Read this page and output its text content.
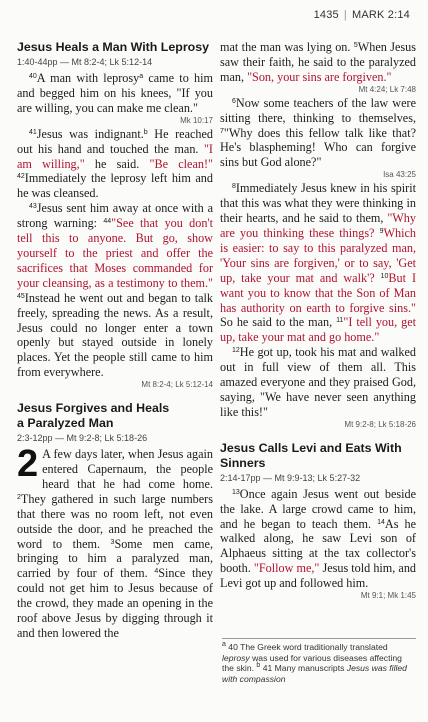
1435 | MARK 2:14
Jesus Heals a Man With Leprosy
1:40-44pp — Mt 8:2-4; Lk 5:12-14

$^{40}$A man with leprosy$^a$ came to him and begged him on his knees, "If you are willing, you can make me clean."

Mk 10:17

$^{41}$Jesus was indignant.$^b$ He reached out his hand and touched the man. "I am willing," he said. "Be clean!" $^{42}$Immediately the leprosy left him and he was cleansed.

$^{43}$Jesus sent him away at once with a strong warning: $^{44}$"See that you don't tell this to anyone. But go, show yourself to the priest and offer the sacrifices that Moses commanded for your cleansing, as a testimony to them." $^{45}$Instead he went out and began to talk freely, spreading the news. As a result, Jesus could no longer enter a town openly but stayed outside in lonely places. Yet the people still came to him from everywhere.

Mt 8:2-4; Lk 5:12-14
Jesus Forgives and Heals
a Paralyzed Man
2:3-12pp — Mt 9:2-8; Lk 5:18-26

2 A few days later, when Jesus again entered Capernaum, the people heard that he had come home. $^2$They gathered in such large numbers that there was no room left, not even outside the door, and he preached the word to them. $^3$Some men came, bringing to him a paralyzed man, carried by four of them. $^4$Since they could not get him to Jesus because of the crowd, they made an opening in the roof above Jesus by digging through it and then lowered the

mat the man was lying on. $^5$When Jesus saw their faith, he said to the paralyzed man, "Son, your sins are forgiven."

Mt 4:24; Lk 7:48

$^6$Now some teachers of the law were sitting there, thinking to themselves, $^7$"Why does this fellow talk like that? He's blaspheming! Who can forgive sins but God alone?"

Isa 43:25

$^8$Immediately Jesus knew in his spirit that this was what they were thinking in their hearts, and he said to them, "Why are you thinking these things? $^9$Which is easier: to say to this paralyzed man, 'Your sins are forgiven,' or to say, 'Get up, take your mat and walk'? $^{10}$But I want you to know that the Son of Man has authority on earth to forgive sins." So he said to the man, $^{11}$"I tell you, get up, take your mat and go home."

$^{12}$He got up, took his mat and walked out in full view of them all. This amazed everyone and they praised God, saying, "We have never seen anything like this!"

Mt 9:2-8; Lk 5:18-26
Jesus Calls Levi and Eats With Sinners
2:14-17pp — Mt 9:9-13; Lk 5:27-32

$^{13}$Once again Jesus went out beside the lake. A large crowd came to him, and he began to teach them. $^{14}$As he walked along, he saw Levi son of Alphaeus sitting at the tax collector's booth. "Follow me," Jesus told him, and Levi got up and followed him.

Mt 9:1; Mk 1:45
$^a$ 40 The Greek word traditionally translated leprosy was used for various diseases affecting the skin. $^b$ 41 Many manuscripts Jesus was filled with compassion
